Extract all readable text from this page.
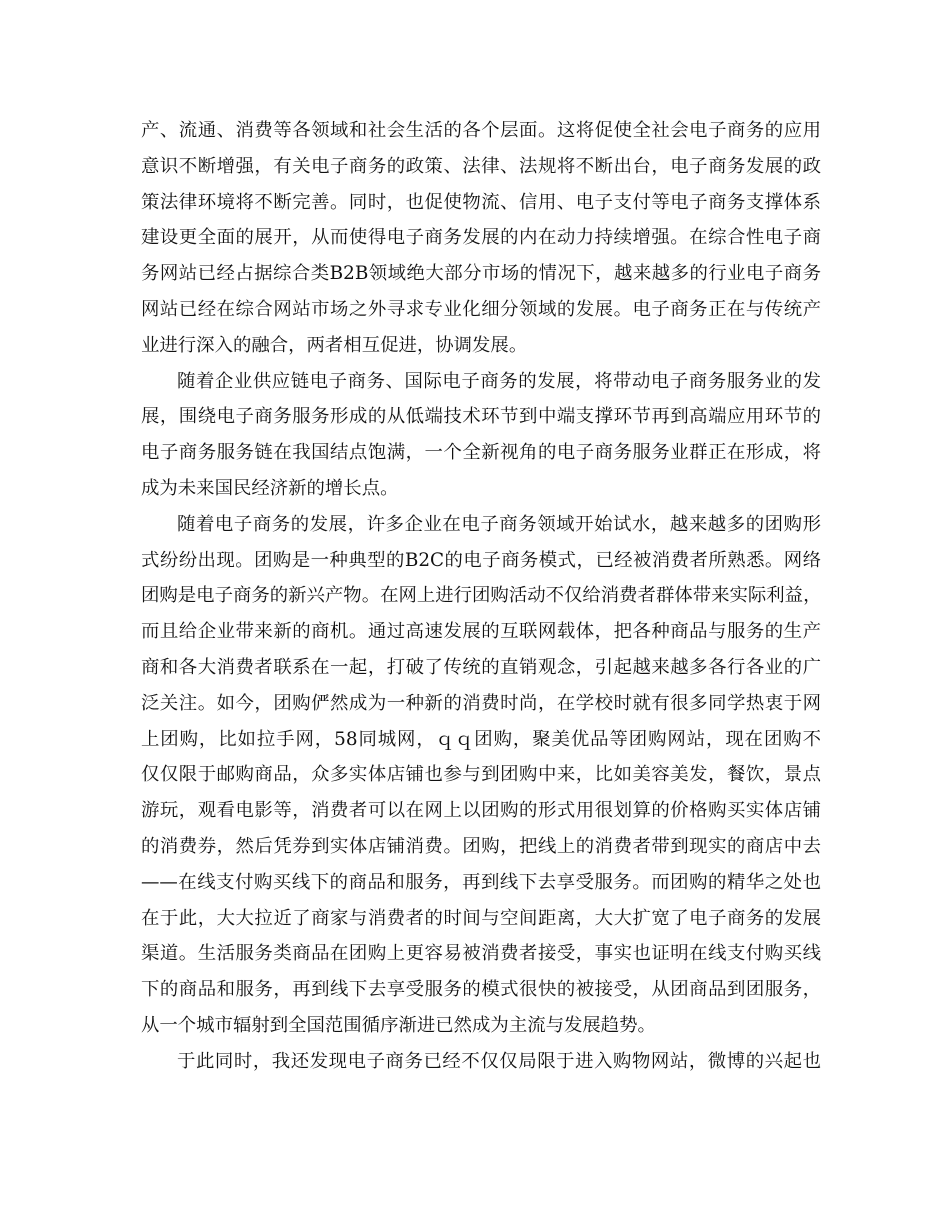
产、流通、消费等各领域和社会生活的各个层面。这将促使全社会电子商务的应用
意识不断增强，有关电子商务的政策、法律、法规将不断出台，电子商务发展的政
策法律环境将不断完善。同时，也促使物流、信用、电子支付等电子商务支撑体系
建设更全面的展开，从而使得电子商务发展的内在动力持续增强。在综合性电子商
务网站已经占据综合类B2B领域绝大部分市场的情况下，越来越多的行业电子商务
网站已经在综合网站市场之外寻求专业化细分领域的发展。电子商务正在与传统产
业进行深入的融合，两者相互促进，协调发展。
随着企业供应链电子商务、国际电子商务的发展，将带动电子商务服务业的发
展，围绕电子商务服务形成的从低端技术环节到中端支撑环节再到高端应用环节的
电子商务服务链在我国结点饱满，一个全新视角的电子商务服务业群正在形成，将
成为未来国民经济新的增长点。
随着电子商务的发展，许多企业在电子商务领域开始试水，越来越多的团购形
式纷纷出现。团购是一种典型的B2C的电子商务模式，已经被消费者所熟悉。网络
团购是电子商务的新兴产物。在网上进行团购活动不仅给消费者群体带来实际利益，
而且给企业带来新的商机。通过高速发展的互联网载体，把各种商品与服务的生产
商和各大消费者联系在一起，打破了传统的直销观念，引起越来越多各行各业的广
泛关注。如今，团购俨然成为一种新的消费时尚，在学校时就有很多同学热衷于网
上团购，比如拉手网，58同城网，ｑｑ团购，聚美优品等团购网站，现在团购不
仅仅限于邮购商品，众多实体店铺也参与到团购中来，比如美容美发，餐饮，景点
游玩，观看电影等，消费者可以在网上以团购的形式用很划算的价格购买实体店铺
的消费券，然后凭券到实体店铺消费。团购，把线上的消费者带到现实的商店中去
——在线支付购买线下的商品和服务，再到线下去享受服务。而团购的精华之处也
在于此，大大拉近了商家与消费者的时间与空间距离，大大扩宽了电子商务的发展
渠道。生活服务类商品在团购上更容易被消费者接受，事实也证明在线支付购买线
下的商品和服务，再到线下去享受服务的模式很快的被接受，从团商品到团服务，
从一个城市辐射到全国范围循序渐进已然成为主流与发展趋势。
于此同时，我还发现电子商务已经不仅仅局限于进入购物网站，微博的兴起也
